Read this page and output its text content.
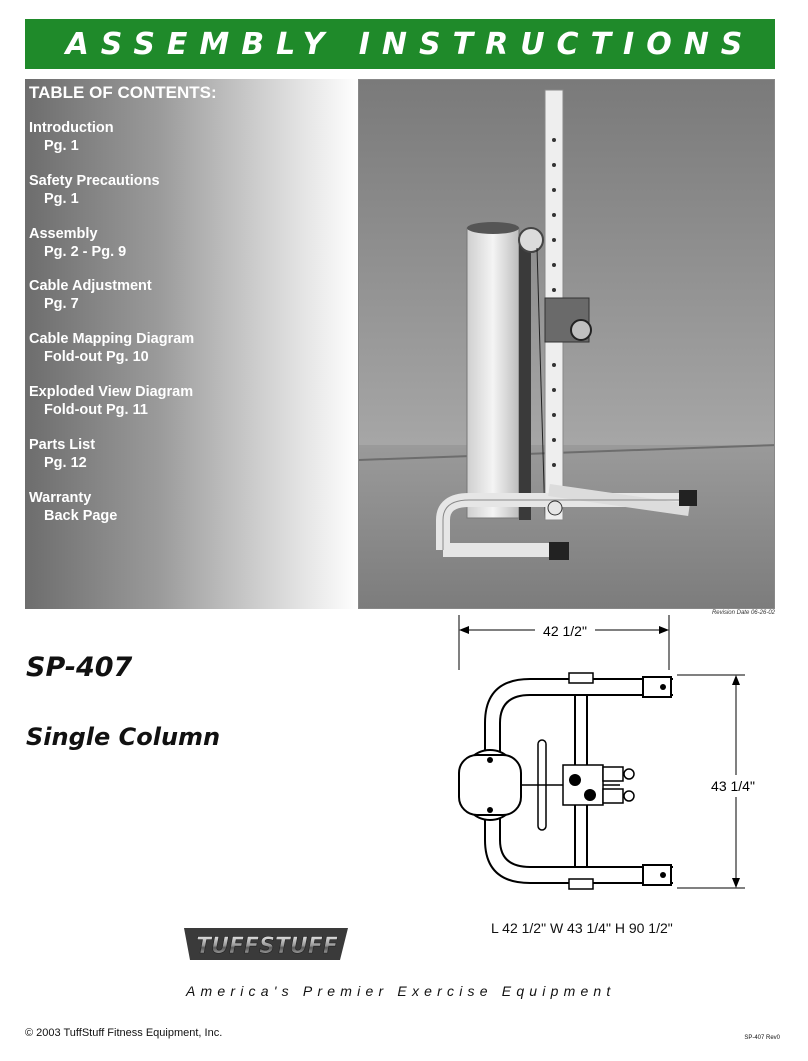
ASSEMBLY INSTRUCTIONS
TABLE OF CONTENTS:
Introduction
Pg. 1
Safety Precautions
Pg. 1
Assembly
Pg. 2 - Pg. 9
Cable Adjustment
Pg. 7
Cable Mapping Diagram
Fold-out Pg. 10
Exploded View Diagram
Fold-out Pg. 11
Parts List
Pg. 12
Warranty
Back Page
Revision Date 06-26-02
SP-407
Single Column
42 1/2"
43 1/4"
L 42 1/2" W 43 1/4" H 90 1/2"
TUFFSTUFF
America's Premier Exercise Equipment
© 2003 TuffStuff Fitness Equipment, Inc.	SP-407 Rev0
